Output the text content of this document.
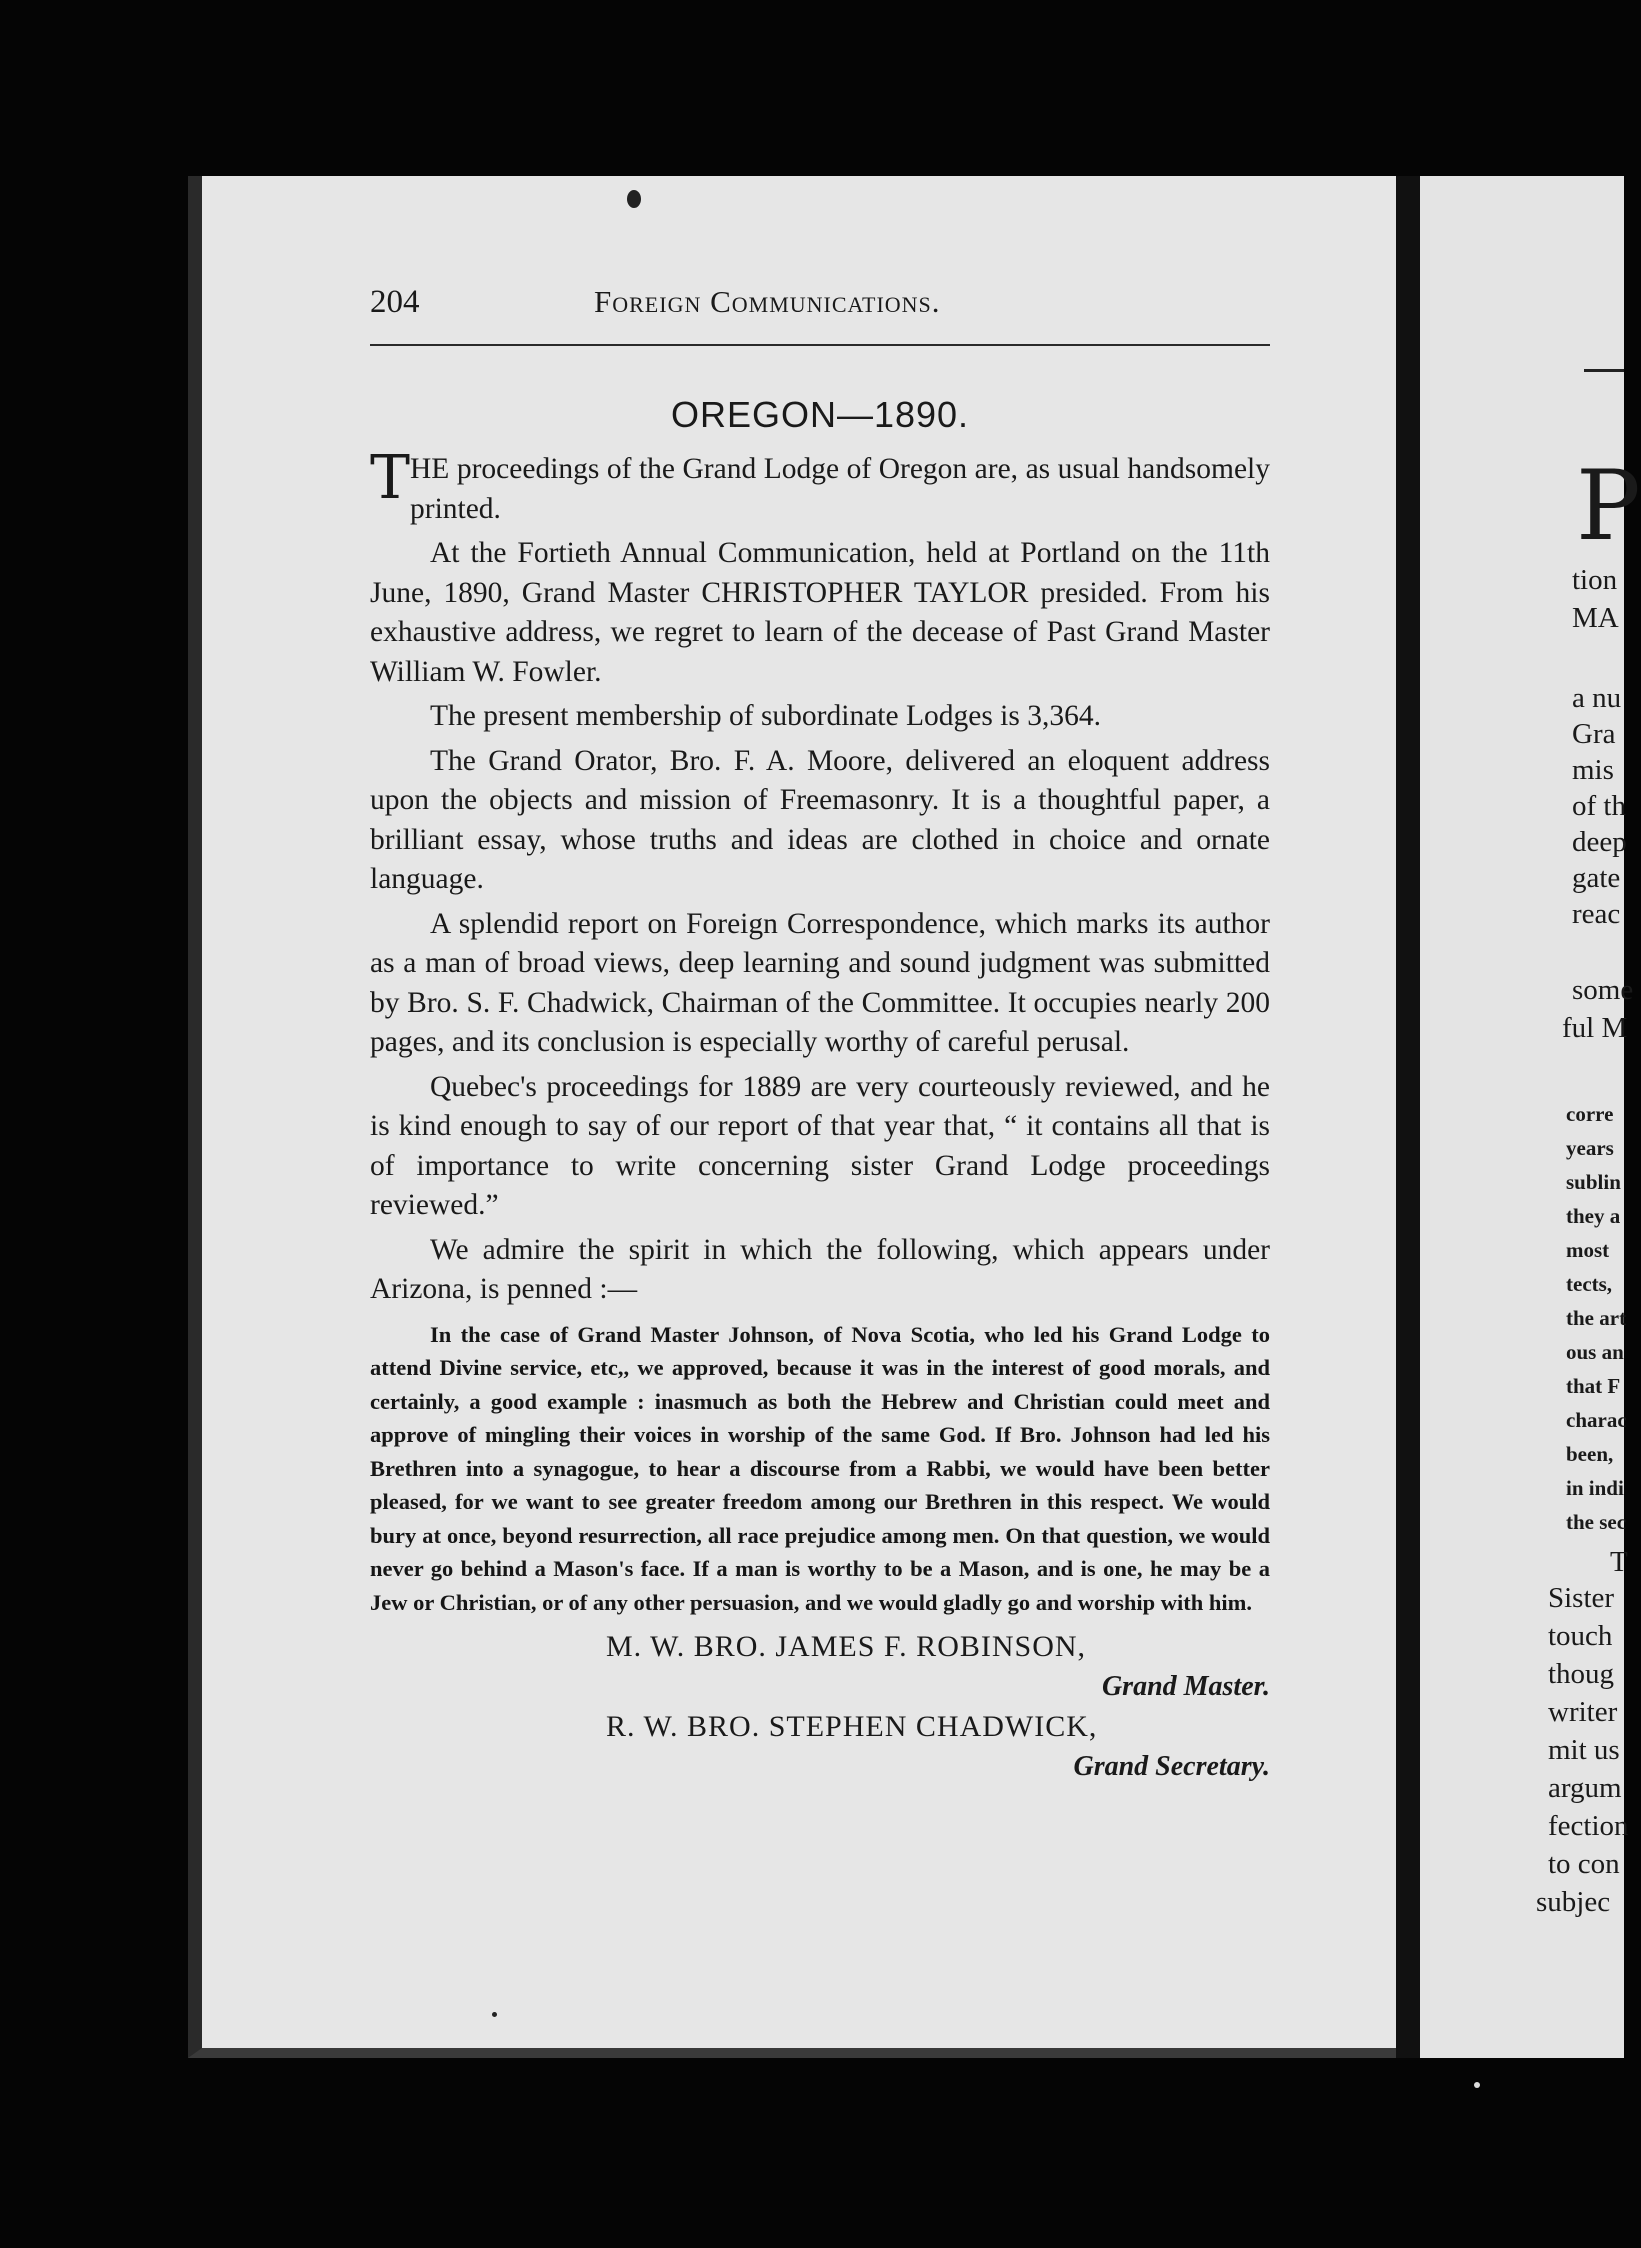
204	Foreign Communications.
OREGON—1890.

T HE proceedings of the Grand Lodge of Oregon are, as usual handsomely printed.

At the Fortieth Annual Communication, held at Portland on the 11th June, 1890, Grand Master CHRISTOPHER TAYLOR presided. From his exhaustive address, we regret to learn of the decease of Past Grand Master William W. Fowler.

The present membership of subordinate Lodges is 3,364.

The Grand Orator, Bro. F. A. Moore, delivered an eloquent address upon the objects and mission of Freemasonry. It is a thoughtful paper, a brilliant essay, whose truths and ideas are clothed in choice and ornate language.

A splendid report on Foreign Correspondence, which marks its author as a man of broad views, deep learning and sound judgment was submitted by Bro. S. F. Chadwick, Chairman of the Committee. It occupies nearly 200 pages, and its conclusion is especially worthy of careful perusal.

Quebec's proceedings for 1889 are very courteously reviewed, and he is kind enough to say of our report of that year that, “ it contains all that is of importance to write concerning sister Grand Lodge proceedings reviewed.”

We admire the spirit in which the following, which appears under Arizona, is penned :—

In the case of Grand Master Johnson, of Nova Scotia, who led his Grand Lodge to attend Divine service, etc,, we approved, because it was in the interest of good morals, and certainly, a good example : inasmuch as both the Hebrew and Christian could meet and approve of mingling their voices in worship of the same God. If Bro. Johnson had led his Brethren into a synagogue, to hear a discourse from a Rabbi, we would have been better pleased, for we want to see greater freedom among our Brethren in this respect. We would bury at once, beyond resurrection, all race prejudice among men. On that question, we would never go behind a Mason's face. If a man is worthy to be a Mason, and is one, he may be a Jew or Christian, or of any other persuasion, and we would gladly go and worship with him.

M. W. BRO. JAMES F. ROBINSON,
Grand Master.
R. W. BRO. STEPHEN CHADWICK,
Grand Secretary.
P
tion
MA
a nu
Gra
mis
of th
deep
gate
reac
some
ful M
corre
years
sublin
they a
most
tects,
the art
ous an
that F
charac
been,
in indi
the sec
T
Sister
touch
thoug
writer
mit us
argum
fection
to con
subjec
